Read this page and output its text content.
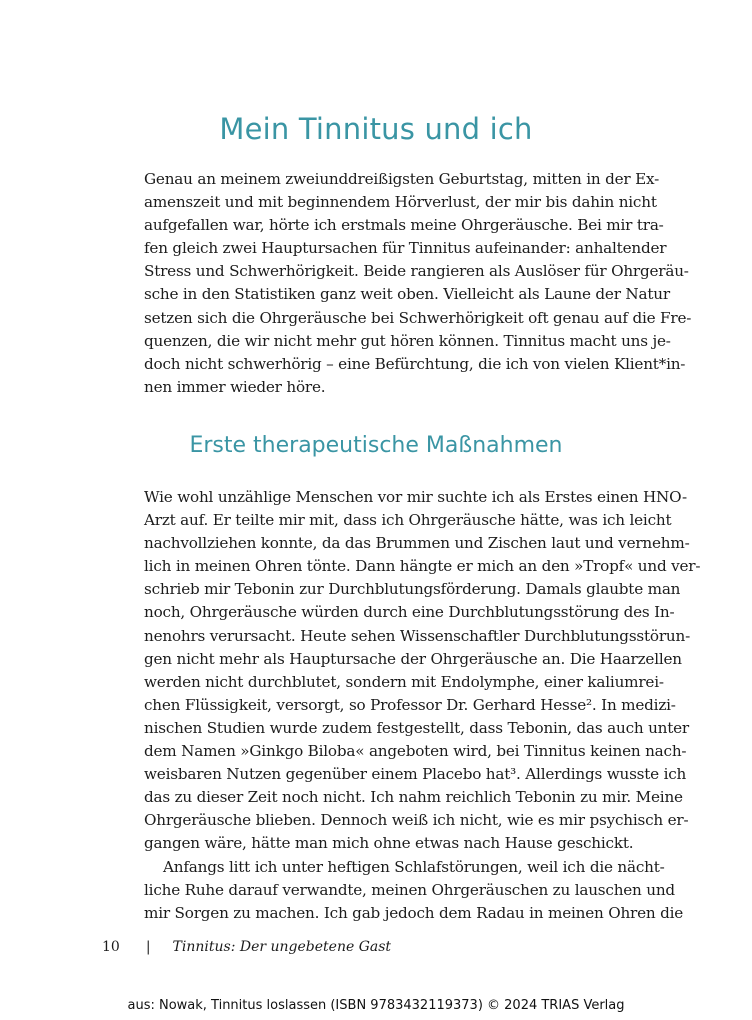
Mein Tinnitus und ich
Genau an meinem zweiunddreißigsten Geburtstag, mitten in der Ex-
amenszeit und mit beginnendem Hörverlust, der mir bis dahin nicht
aufgefallen war, hörte ich erstmals meine Ohrgeräusche. Bei mir tra-
fen gleich zwei Hauptursachen für Tinnitus aufeinander: anhaltender
Stress und Schwerhörigkeit. Beide rangieren als Auslöser für Ohrgeräu-
sche in den Statistiken ganz weit oben. Vielleicht als Laune der Natur
setzen sich die Ohrgeräusche bei Schwerhörigkeit oft genau auf die Fre-
quenzen, die wir nicht mehr gut hören können. Tinnitus macht uns je-
doch nicht schwerhörig – eine Befürchtung, die ich von vielen Klient*in-
nen immer wieder höre.
Erste therapeutische Maßnahmen
Wie wohl unzählige Menschen vor mir suchte ich als Erstes einen HNO-
Arzt auf. Er teilte mir mit, dass ich Ohrgeräusche hätte, was ich leicht
nachvollziehen konnte, da das Brummen und Zischen laut und vernehm-
lich in meinen Ohren tönte. Dann hängte er mich an den »Tropf« und ver-
schrieb mir Tebonin zur Durchblutungsförderung. Damals glaubte man
noch, Ohrgeräusche würden durch eine Durchblutungsstörung des In-
nenohrs verursacht. Heute sehen Wissenschaftler Durchblutungsstörun-
gen nicht mehr als Hauptursache der Ohrgeräusche an. Die Haarzellen
werden nicht durchblutet, sondern mit Endolymphe, einer kaliumrei-
chen Flüssigkeit, versorgt, so Professor Dr. Gerhard Hesse². In medizi-
nischen Studien wurde zudem festgestellt, dass Tebonin, das auch unter
dem Namen »Ginkgo Biloba« angeboten wird, bei Tinnitus keinen nach-
weisbaren Nutzen gegenüber einem Placebo hat³. Allerdings wusste ich
das zu dieser Zeit noch nicht. Ich nahm reichlich Tebonin zu mir. Meine
Ohrgeräusche blieben. Dennoch weiß ich nicht, wie es mir psychisch er-
gangen wäre, hätte man mich ohne etwas nach Hause geschickt.
Anfangs litt ich unter heftigen Schlafstörungen, weil ich die nächt-
liche Ruhe darauf verwandte, meinen Ohrgeräuschen zu lauschen und
mir Sorgen zu machen. Ich gab jedoch dem Radau in meinen Ohren die
10 | Tinnitus: Der ungebetene Gast
aus: Nowak, Tinnitus loslassen (ISBN 9783432119373) © 2024 TRIAS Verlag
